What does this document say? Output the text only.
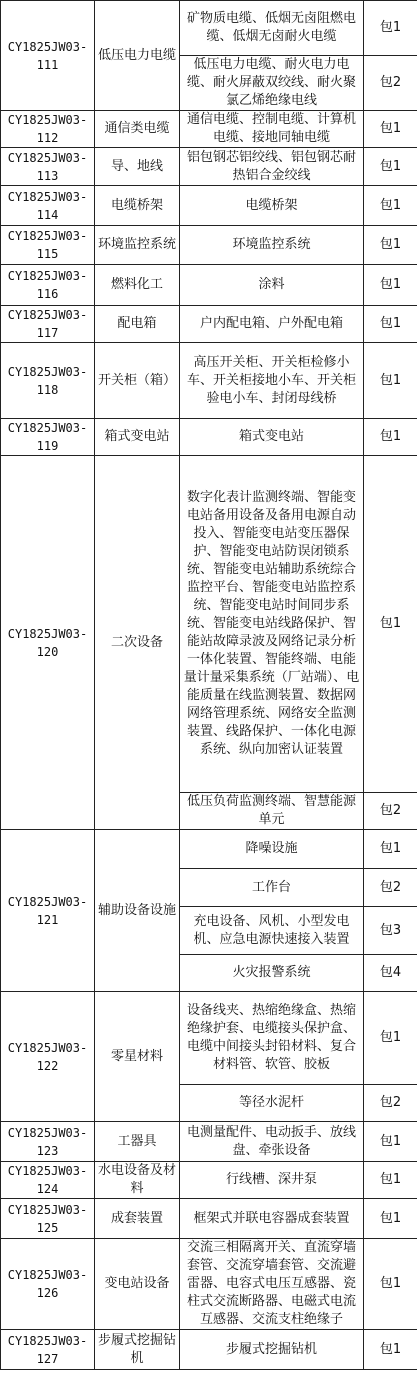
CY1825JW03-111	低压电力电缆	矿物质电缆、低烟无卤阻燃电缆、低烟无卤耐火电缆	包1
		低压电力电缆、耐火电力电缆、耐火屏蔽双绞线、耐火聚氯乙烯绝缘电线	包2
CY1825JW03-112	通信类电缆	通信电缆、控制电缆、计算机电缆、接地同轴电缆	包1
CY1825JW03-113	导、地线	铝包钢芯铝绞线、铝包钢芯耐热铝合金绞线	包1
CY1825JW03-114	电缆桥架	电缆桥架	包1
CY1825JW03-115	环境监控系统	环境监控系统	包1
CY1825JW03-116	燃料化工	涂料	包1
CY1825JW03-117	配电箱	户内配电箱、户外配电箱	包1
CY1825JW03-118	开关柜（箱）	高压开关柜、开关柜检修小车、开关柜接地小车、开关柜验电小车、封闭母线桥	包1
CY1825JW03-119	箱式变电站	箱式变电站	包1
CY1825JW03-120	二次设备	数字化表计监测终端、智能变电站备用设备及备用电源自动投入、智能变电站变压器保护、智能变电站防误闭锁系统、智能变电站辅助系统综合监控平台、智能变电站监控系统、智能变电站时间同步系统、智能变电站线路保护、智能站故障录波及网络记录分析一体化装置、智能终端、电能量计量采集系统（厂站端）、电能质量在线监测装置、数据网网络管理系统、网络安全监测装置、线路保护、一体化电源系统、纵向加密认证装置	包1
		低压负荷监测终端、智慧能源单元	包2
CY1825JW03-121	辅助设备设施	降噪设施	包1
		工作台	包2
		充电设备、风机、小型发电机、应急电源快速接入装置	包3
		火灾报警系统	包4
CY1825JW03-122	零星材料	设备线夹、热缩绝缘盒、热缩绝缘护套、电缆接头保护盒、电缆中间接头封铅材料、复合材料管、软管、胶板	包1
		等径水泥杆	包2
CY1825JW03-123	工器具	电测量配件、电动扳手、放线盘、牵张设备	包1
CY1825JW03-124	水电设备及材料	行线槽、深井泵	包1
CY1825JW03-125	成套装置	框架式并联电容器成套装置	包1
CY1825JW03-126	变电站设备	交流三相隔离开关、直流穿墙套管、交流穿墙套管、交流避雷器、电容式电压互感器、瓷柱式交流断路器、电磁式电流互感器、交流支柱绝缘子	包1
CY1825JW03-127	步履式挖掘钻机	步履式挖掘钻机	包1
